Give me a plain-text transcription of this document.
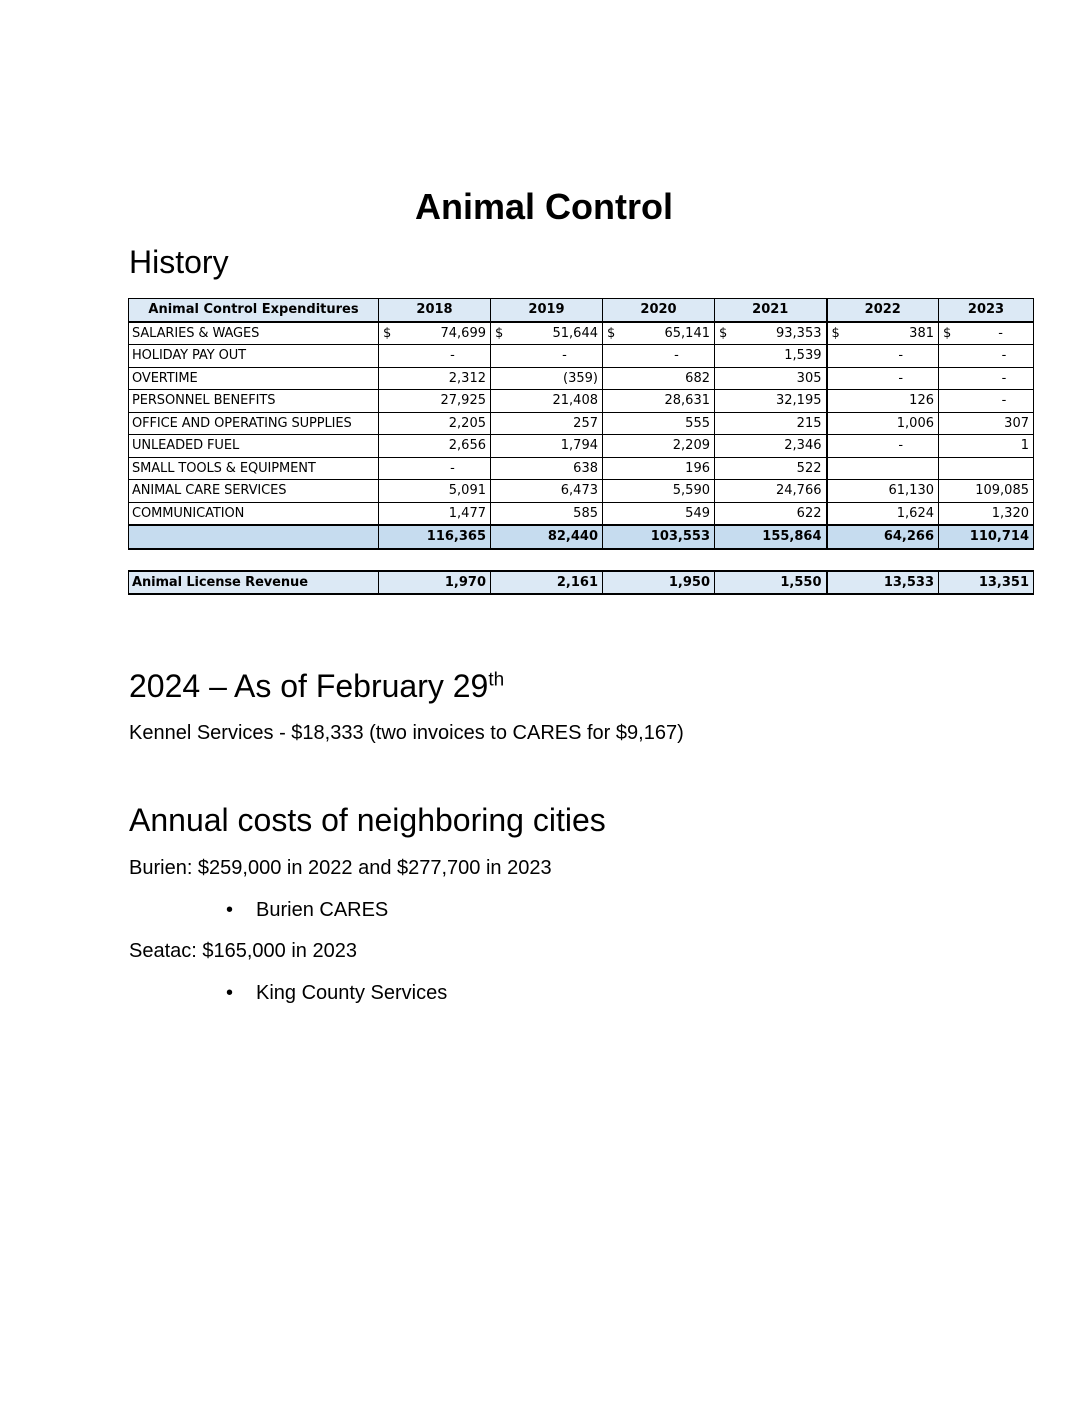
Animal Control
History
Animal Control Expenditures	2018	2019	2020	2021	2022	2023
SALARIES & WAGES	$ 74,699	$ 51,644	$ 65,141	$ 93,353	$ 381	$ -
HOLIDAY PAY OUT	-	-	-	1,539	-	-
OVERTIME	2,312	(359)	682	305	-	-
PERSONNEL BENEFITS	27,925	21,408	28,631	32,195	126	-
OFFICE AND OPERATING SUPPLIES	2,205	257	555	215	1,006	307
UNLEADED FUEL	2,656	1,794	2,209	2,346	-	1
SMALL TOOLS & EQUIPMENT	-	638	196	522		
ANIMAL CARE SERVICES	5,091	6,473	5,590	24,766	61,130	109,085
COMMUNICATION	1,477	585	549	622	1,624	1,320
	116,365	82,440	103,553	155,864	64,266	110,714

Animal License Revenue	1,970	2,161	1,950	1,550	13,533	13,351
2024 – As of February 29th

Kennel Services - $18,333 (two invoices to CARES for $9,167)

Annual costs of neighboring cities

Burien: $259,000 in 2022 and $277,700 in 2023

• Burien CARES

Seatac: $165,000 in 2023

• King County Services
